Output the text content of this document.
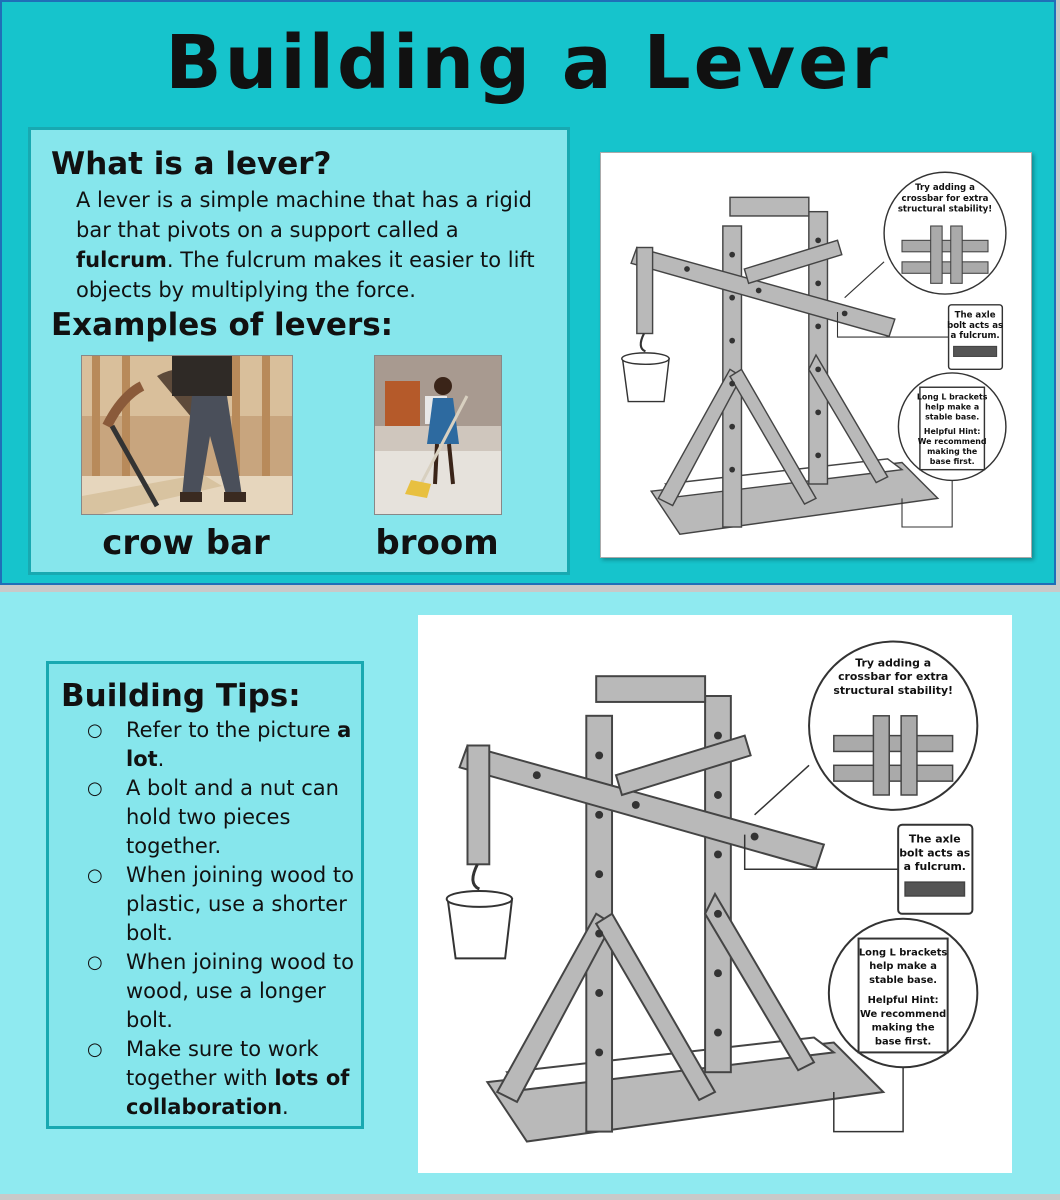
Building a Lever
What is a lever?
A lever is a simple machine that has a rigid bar that pivots on a support called a fulcrum. The fulcrum makes it easier to lift objects by multiplying the force.
Examples of levers:
crow bar	broom
Try adding a
crossbar for extra
structural stability!
The axle
bolt acts as
a fulcrum.
Long L brackets
help make a
stable base.
Helpful Hint:
We recommend
making the
base first.
Try adding a
crossbar for extra
structural stability!
The axle
bolt acts as
a fulcrum.
Long L brackets
help make a
stable base.
Helpful Hint:
We recommend
making the
base first.
Building Tips:
○ Refer to the picture a lot.
○ A bolt and a nut can hold two pieces together.
○ When joining wood to plastic, use a shorter bolt.
○ When joining wood to wood, use a longer bolt.
○ Make sure to work together with lots of collaboration.
